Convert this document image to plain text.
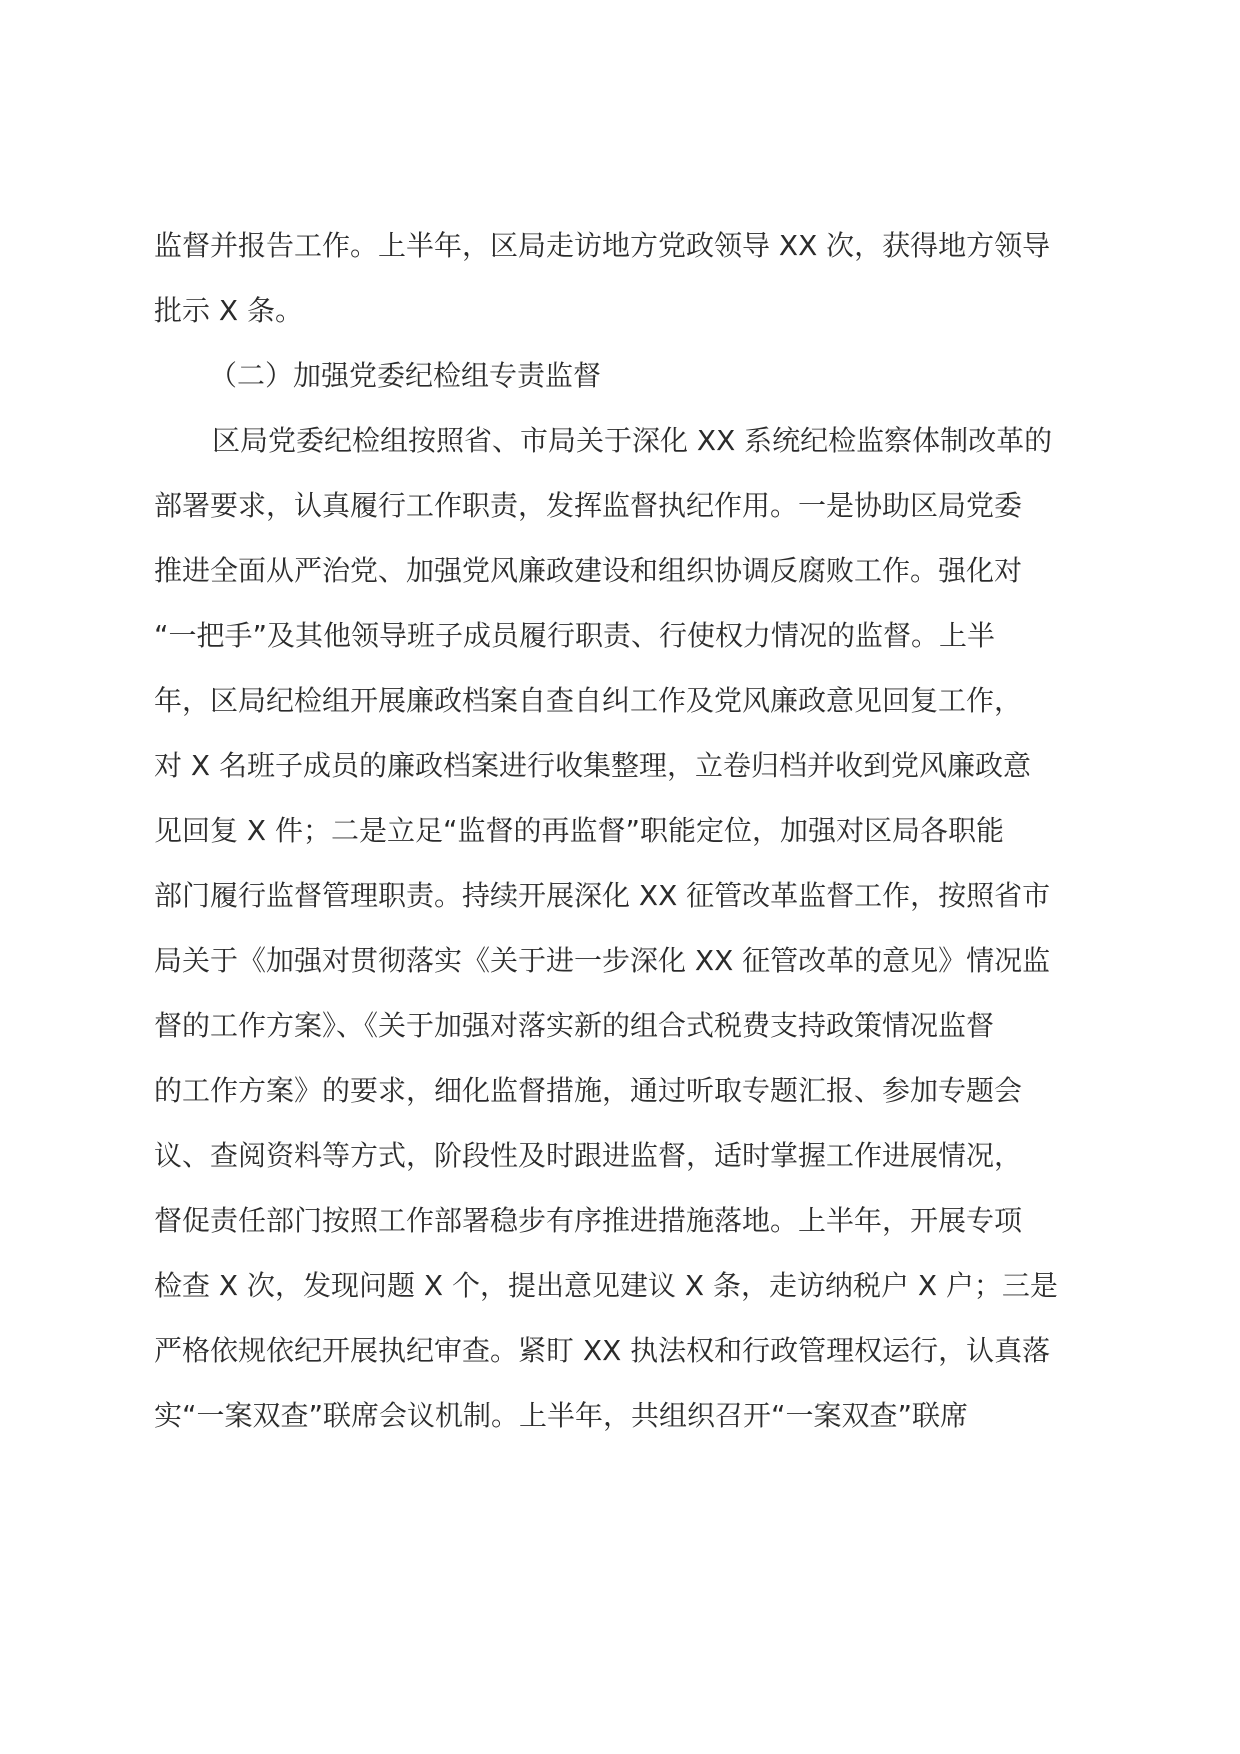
监督并报告工作。上半年，区局走访地方党政领导 XX 次，获得地方领导
批示 X 条。
（二）加强党委纪检组专责监督
区局党委纪检组按照省、市局关于深化 XX 系统纪检监察体制改革的
部署要求，认真履行工作职责，发挥监督执纪作用。一是协助区局党委
推进全面从严治党、加强党风廉政建设和组织协调反腐败工作。强化对
“一把手”及其他领导班子成员履行职责、行使权力情况的监督。上半
年，区局纪检组开展廉政档案自查自纠工作及党风廉政意见回复工作，
对 X 名班子成员的廉政档案进行收集整理，立卷归档并收到党风廉政意
见回复 X 件；二是立足“监督的再监督”职能定位，加强对区局各职能
部门履行监督管理职责。持续开展深化 XX 征管改革监督工作，按照省市
局关于《加强对贯彻落实《关于进一步深化 XX 征管改革的意见》情况监
督的工作方案》、《关于加强对落实新的组合式税费支持政策情况监督
的工作方案》的要求，细化监督措施，通过听取专题汇报、参加专题会
议、查阅资料等方式，阶段性及时跟进监督，适时掌握工作进展情况，
督促责任部门按照工作部署稳步有序推进措施落地。上半年，开展专项
检查 X 次，发现问题 X 个，提出意见建议 X 条，走访纳税户 X 户；三是
严格依规依纪开展执纪审查。紧盯 XX 执法权和行政管理权运行，认真落
实“一案双查”联席会议机制。上半年，共组织召开“一案双查”联席
